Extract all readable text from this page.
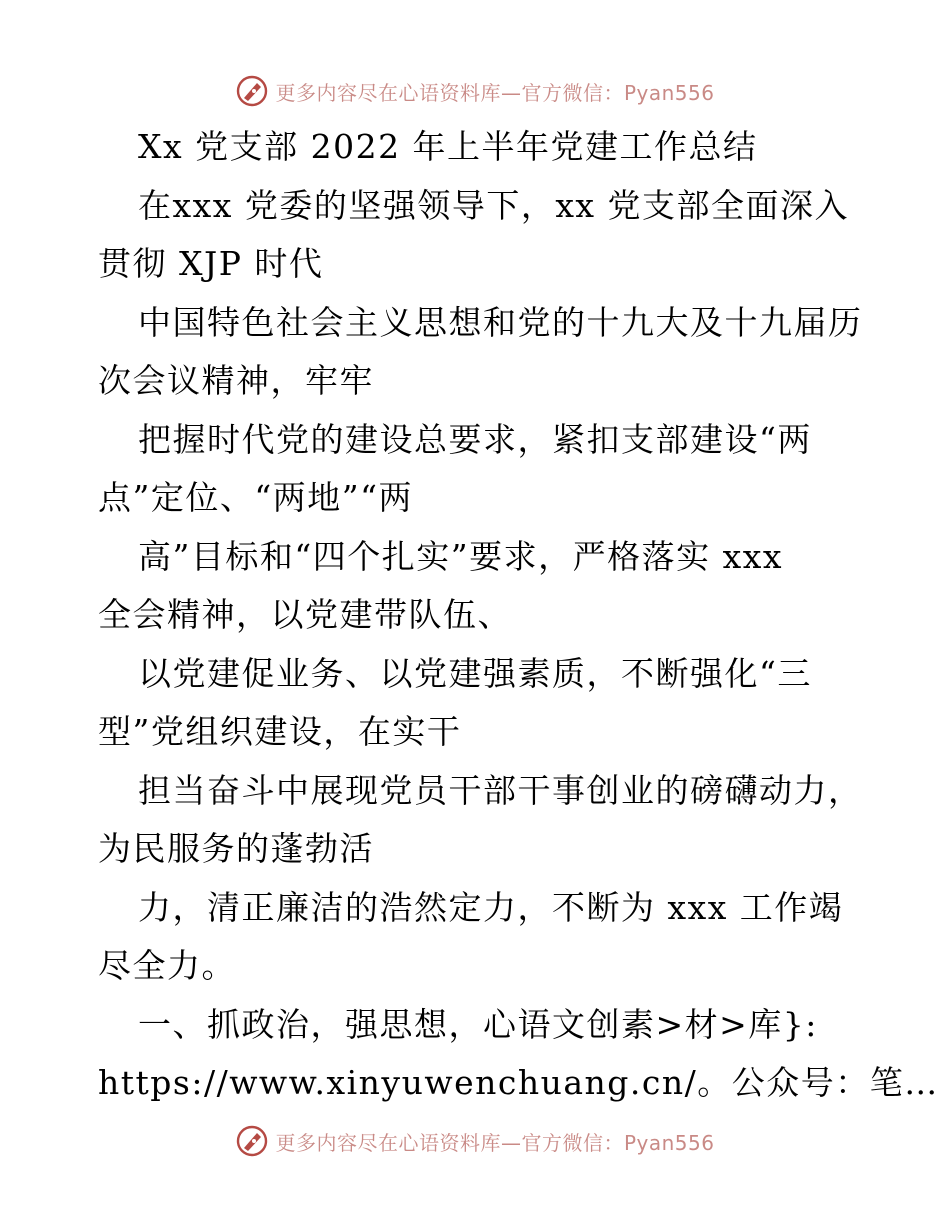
更多内容尽在心语资料库—官方微信：Pyan556
Xx 党支部 2022 年上半年党建工作总结
在xxx 党委的坚强领导下，xx 党支部全面深入
贯彻 XJP 时代
中国特色社会主义思想和党的十九大及十九届历
次会议精神，牢牢
把握时代党的建设总要求，紧扣支部建设“两
点”定位、“两地”“两
高”目标和“四个扎实”要求，严格落实 xxx
全会精神，以党建带队伍、
以党建促业务、以党建强素质，不断强化“三
型”党组织建设，在实干
担当奋斗中展现党员干部干事创业的磅礴动力，
为民服务的蓬勃活
力，清正廉洁的浩然定力，不断为 xxx 工作竭
尽全力。
一、抓政治，强思想，心语文创素>材>库}:
https://www.xinyuwenchuang.cn/。公众号：笔…
更多内容尽在心语资料库—官方微信：Pyan556
